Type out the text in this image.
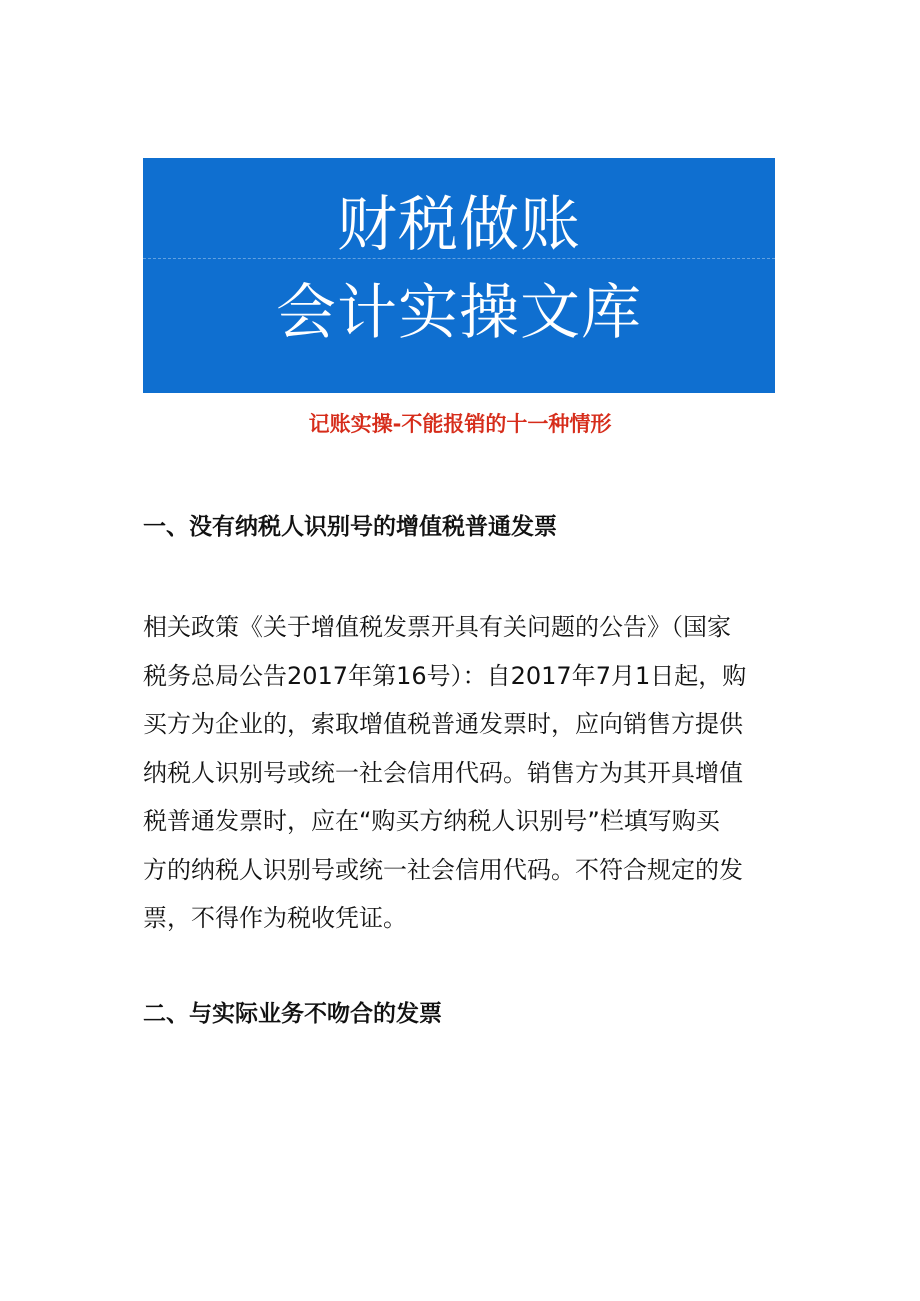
财税做账
会计实操文库
记账实操-不能报销的十一种情形
一、没有纳税人识别号的增值税普通发票
相关政策《关于增值税发票开具有关问题的公告》（国家
税务总局公告2017年第16号）：自2017年7月1日起，购
买方为企业的，索取增值税普通发票时，应向销售方提供
纳税人识别号或统一社会信用代码。销售方为其开具增值
税普通发票时，应在“购买方纳税人识别号”栏填写购买
方的纳税人识别号或统一社会信用代码。不符合规定的发
票，不得作为税收凭证。
二、与实际业务不吻合的发票
